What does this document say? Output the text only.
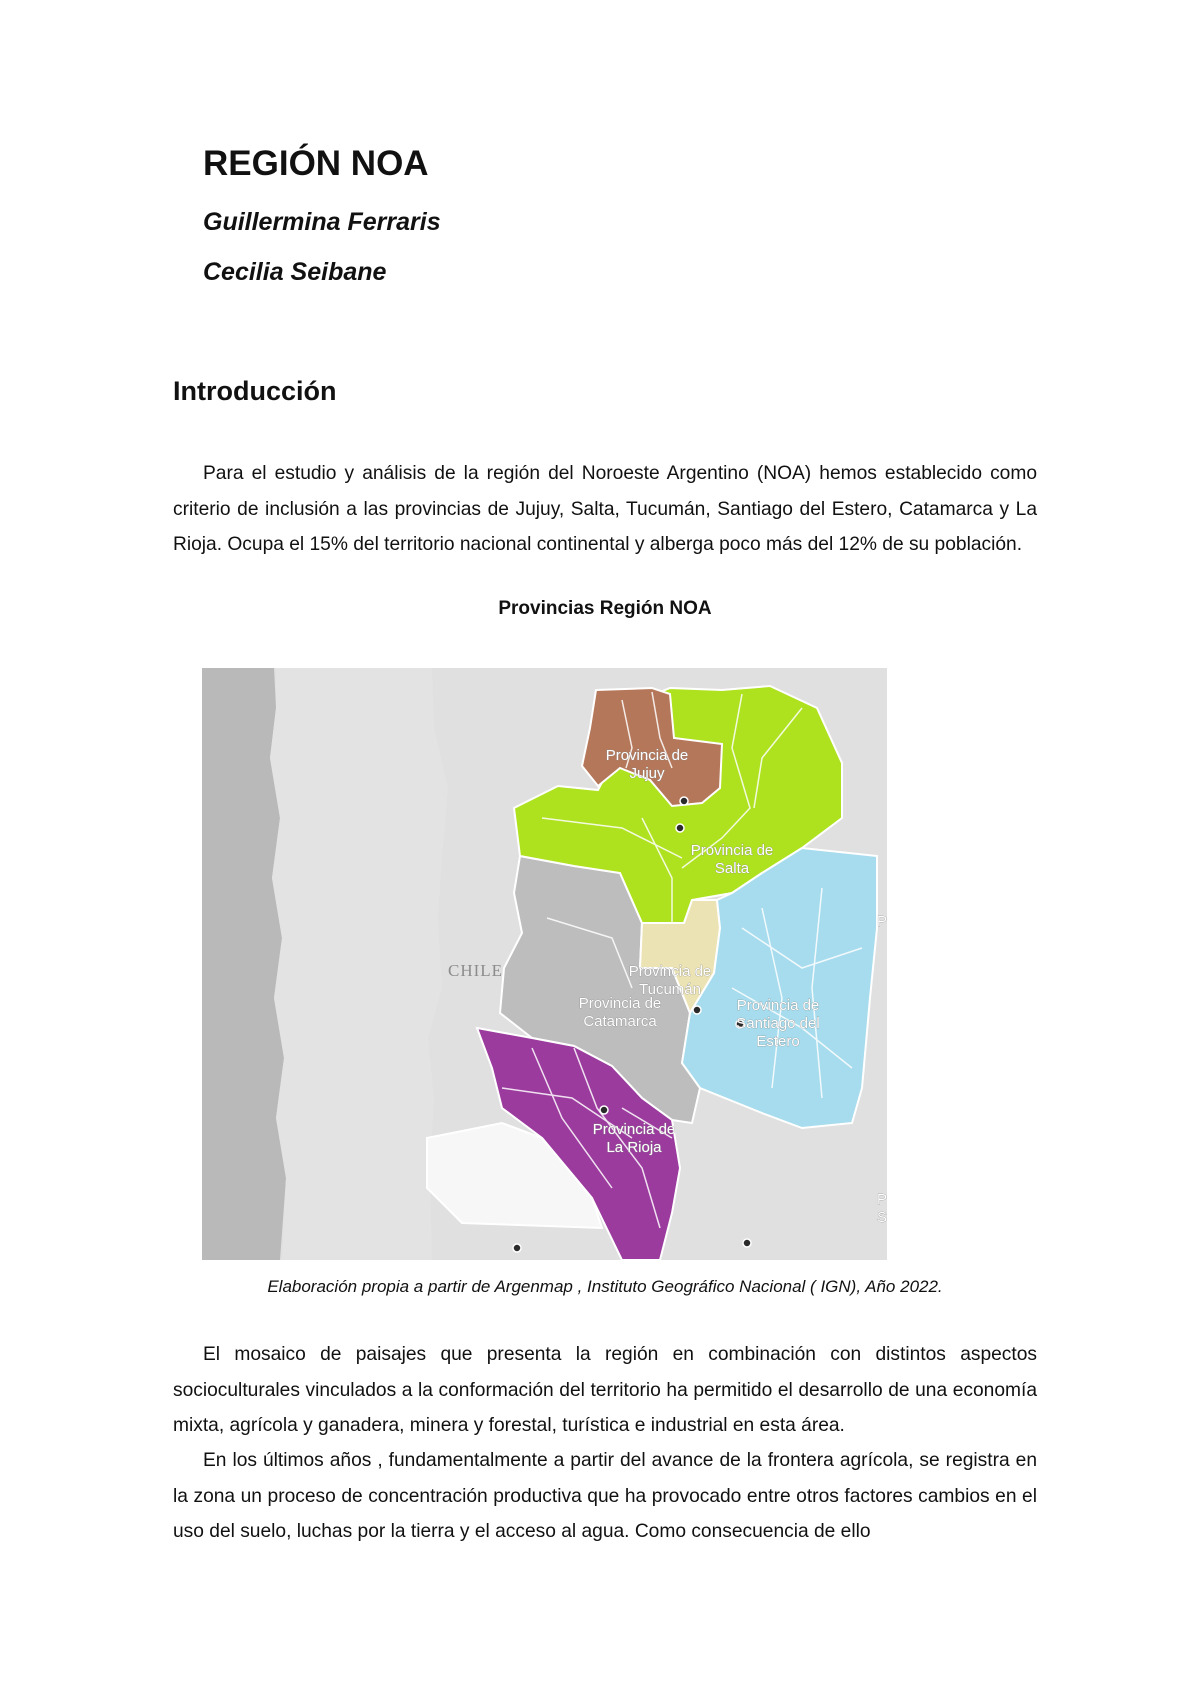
REGIÓN NOA

Guillermina Ferraris

Cecilia Seibane

Introducción

Para el estudio y análisis de la región del Noroeste Argentino (NOA) hemos establecido como criterio de inclusión a las provincias de Jujuy, Salta, Tucumán, Santiago del Estero, Catamarca y La Rioja. Ocupa el 15% del territorio nacional continental y alberga poco más del 12% de su población.

Provincias Región NOA

CHILE
Provincia de
Jujuy
Provincia de
Salta
Provincia de
Tucumán
Provincia de
Catamarca
Provincia de
Santiago del
Estero
Provincia de
La Rioja
P
P
S

Elaboración propia a partir de Argenmap , Instituto Geográfico Nacional ( IGN), Año 2022.

El mosaico de paisajes que presenta la región en combinación con distintos aspectos socioculturales vinculados a la conformación del territorio ha permitido el desarrollo de una economía mixta, agrícola y ganadera, minera y forestal, turística e industrial en esta área.

En los últimos años , fundamentalmente a partir del avance de la frontera agrícola, se registra en la zona un proceso de concentración productiva que ha provocado entre otros factores cambios en el uso del suelo, luchas por la tierra y el acceso al agua. Como consecuencia de ello
